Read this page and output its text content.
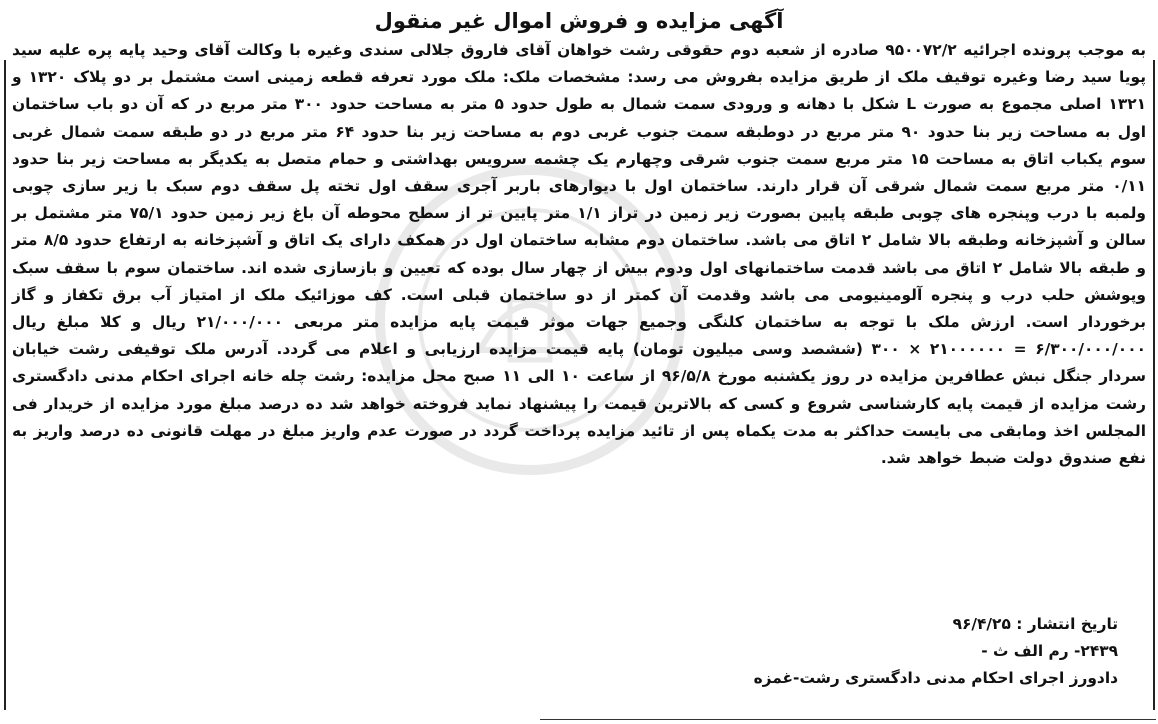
آگهی مزایده و فروش اموال غیر منقول
به موجب پرونده اجرائیه ۹۵۰۰۷۲/۲ صادره از شعبه دوم حقوقی رشت خواهان آقای فاروق جلالی سندی وغیره با وکالت آقای وحید پایه پره علیه سید پویا سید رضا وغیره توقیف ملک از طریق مزایده بفروش می رسد: مشخصات ملک: ملک مورد تعرفه قطعه زمینی است مشتمل بر دو پلاک ۱۳۲۰ و ۱۳۲۱ اصلی مجموع به صورت L شکل با دهانه و ورودی سمت شمال به طول حدود ۵ متر به مساحت حدود ۳۰۰ متر مربع در که آن دو باب ساختمان اول به مساحت زیر بنا حدود ۹۰ متر مربع در دوطبقه سمت جنوب غربی دوم به مساحت زیر بنا حدود ۶۴ متر مربع در دو طبقه سمت شمال غربی سوم یکباب اتاق به مساحت ۱۵ متر مربع سمت جنوب شرقی وچهارم یک چشمه سرویس بهداشتی و حمام متصل به یکدیگر به مساحت زیر بنا حدود ۰/۱۱ متر مربع سمت شمال شرقی آن قرار دارند. ساختمان اول با دیوارهای باربر آجری سقف اول تخته پل سقف دوم سبک با زیر سازی چوبی ولمبه با درب وپنجره های چوبی طبقه پایین بصورت زیر زمین در تراز ۱/۱ متر پایین تر از سطح محوطه آن باغ زیر زمین حدود ۷۵/۱ متر مشتمل بر سالن و آشپزخانه وطبقه بالا شامل ۲ اتاق می باشد. ساختمان دوم مشابه ساختمان اول در همکف دارای یک اتاق و آشپزخانه به ارتفاع حدود ۸/۵ متر و طبقه بالا شامل ۲ اتاق می باشد قدمت ساختمانهای اول ودوم بیش از چهار سال بوده که تعیین و بازسازی شده اند. ساختمان سوم با سقف سبک وپوشش حلب درب و پنجره آلومینیومی می باشد وقدمت آن کمتر از دو ساختمان قبلی است. کف موزائیک ملک از امتیاز آب برق تکفاز و گاز برخوردار است. ارزش ملک با توجه به ساختمان کلنگی وجمیع جهات موثر قیمت پایه مزایده متر مربعی ۲۱/۰۰۰/۰۰۰ ریال و کلا مبلغ ریال ۶/۳۰۰/۰۰۰/۰۰۰ = ۲۱۰۰۰۰۰۰ × ۳۰۰ (ششصد وسی میلیون تومان) پایه قیمت مزایده ارزیابی و اعلام می گردد. آدرس ملک توقیفی رشت خیابان سردار جنگل نبش عطافرین مزایده در روز یکشنبه مورخ ۹۶/۵/۸ از ساعت ۱۰ الی ۱۱ صبح محل مزایده: رشت چله خانه اجرای احکام مدنی دادگستری رشت مزایده از قیمت پایه کارشناسی شروع و کسی که بالاترین قیمت را پیشنهاد نماید فروخته خواهد شد ده درصد مبلغ مورد مزایده از خریدار فی المجلس اخذ ومابقی می بایست حداکثر به مدت یکماه پس از تائید مزایده پرداخت گردد در صورت عدم واریز مبلغ در مهلت قانونی ده درصد واریز به نفع صندوق دولت ضبط خواهد شد.
تاریخ انتشار : ۹۶/۴/۲۵
۲۴۳۹- رم الف ث -
دادورز اجرای احکام مدنی دادگستری رشت-غمزه
